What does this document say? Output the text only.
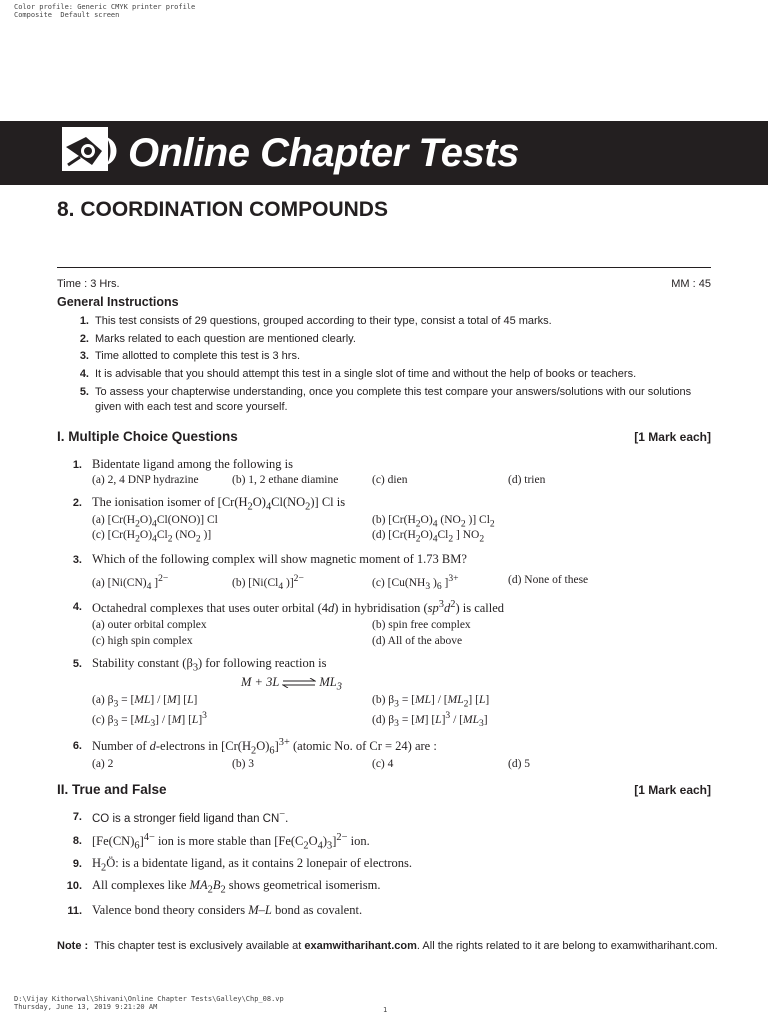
Color profile: Generic CMYK printer profile
Composite  Default screen
Online Chapter Tests
8. COORDINATION COMPOUNDS
Time : 3 Hrs.	MM : 45
General Instructions
1. This test consists of 29 questions, grouped according to their type, consist a total of 45 marks.
2. Marks related to each question are mentioned clearly.
3. Time allotted to complete this test is 3 hrs.
4. It is advisable that you should attempt this test in a single slot of time and without the help of books or teachers.
5. To assess your chapterwise understanding, once you complete this test compare your answers/solutions with our solutions given with each test and score yourself.
I. Multiple Choice Questions	[1 Mark each]
1. Bidentate ligand among the following is
(a) 2, 4 DNP hydrazine	(b) 1, 2 ethane diamine	(c) dien	(d) trien
2. The ionisation isomer of $[Cr(H_2O)_4Cl(NO_2)]$ Cl is
(a) $[Cr(H_2O)_4Cl(ONO)]$ Cl	(b) [$Cr(H_2O)_4$ ($NO_2$ )] $Cl_2$
(c) [$Cr(H_2O)_4Cl_2$ ($NO_2$ )]	(d) [$Cr(H_2O)_4Cl_2$ ] $NO_2$
3. Which of the following complex will show magnetic moment of 1.73 BM?
(a) [$Ni(CN)_4$ ]$^{2-}$	(b) [$Ni(Cl_4$ )]$^{2-}$	(c) [$Cu(NH_3$ )$_6$ ]$^{3+}$	(d) None of these
4. Octahedral complexes that uses outer orbital (4d) in hybridisation $(sp^3d^2)$ is called
(a) outer orbital complex	(b) spin free complex
(c) high spin complex	(d) All of the above
5. Stability constant $(\beta_3)$ for following reaction is
M + 3L ⇌ $ML_3$
(a) $\beta_3 = [ML] / [M]$ [L]	(b) $\beta_3 = [ML] / [ML_2]$ [L]
(c) $\beta_3 = [ML_3] / [M]$ $[L]^3$	(d) $\beta_3 = [M]$ $[L]^3 / [ML_3]$
6. Number of d-electrons in $[Cr(H_2O)_6]^{3+}$ (atomic No. of Cr = 24) are :
(a) 2	(b) 3	(c) 4	(d) 5
II. True and False	[1 Mark each]
7. CO is a stronger field ligand than CN−.
8. $[Fe(CN)_6]^{4-}$ ion is more stable than $[Fe(C_2O_4)_3]^{2-}$ ion.
9. $H_2Ö$: is a bidentate ligand, as it contains 2 lonepair of electrons.
10. All complexes like $MA_2B_2$ shows geometrical isomerism.
11. Valence bond theory considers M–L bond as covalent.
Note : This chapter test is exclusively available at examwitharihant.com. All the rights related to it are belong to examwitharihant.com.
D:\Vijay Kithorwal\Shivani\Online Chapter Tests\Galley\Chp_08.vp
Thursday, June 13, 2019 9:21:20 AM	1
